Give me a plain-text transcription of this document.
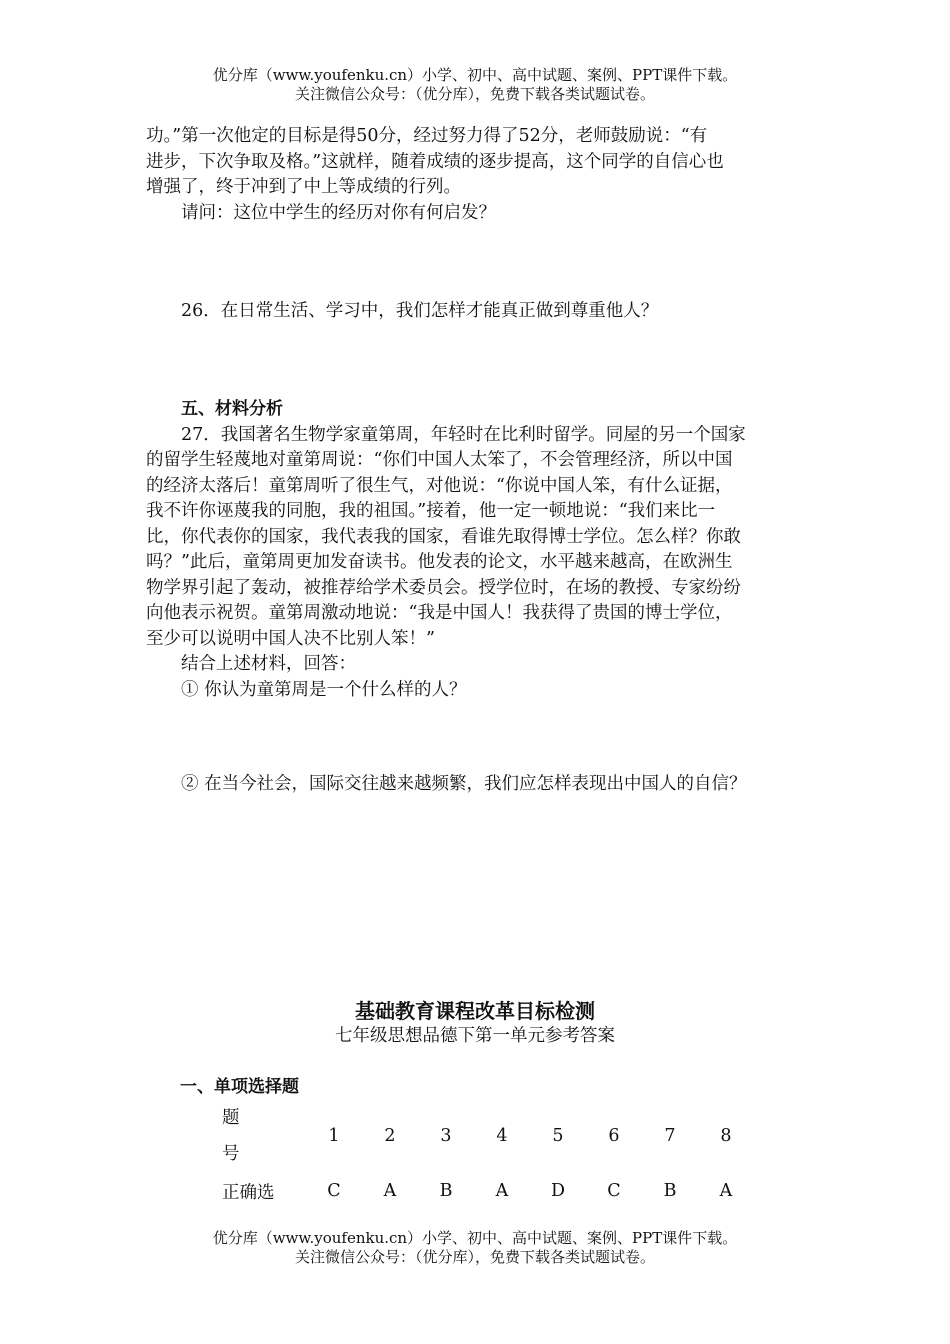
优分库（www.youfenku.cn）小学、初中、高中试题、案例、PPT课件下载。
关注微信公众号：（优分库），免费下载各类试题试卷。
功。”第一次他定的目标是得50分，经过努力得了52分，老师鼓励说：“有
进步，下次争取及格。”这就样，随着成绩的逐步提高，这个同学的自信心也
增强了，终于冲到了中上等成绩的行列。
请问：这位中学生的经历对你有何启发？
26．在日常生活、学习中，我们怎样才能真正做到尊重他人？
五、材料分析
27．我国著名生物学家童第周，年轻时在比利时留学。同屋的另一个国家
的留学生轻蔑地对童第周说：“你们中国人太笨了，不会管理经济，所以中国
的经济太落后！童第周听了很生气，对他说：“你说中国人笨，有什么证据，
我不许你诬蔑我的同胞，我的祖国。”接着，他一定一顿地说：“我们来比一
比，你代表你的国家，我代表我的国家，看谁先取得博士学位。怎么样？你敢
吗？”此后，童第周更加发奋读书。他发表的论文，水平越来越高，在欧洲生
物学界引起了轰动，被推荐给学术委员会。授学位时，在场的教授、专家纷纷
向他表示祝贺。童第周激动地说：“我是中国人！我获得了贵国的博士学位，
至少可以说明中国人决不比别人笨！”
结合上述材料，回答：
① 你认为童第周是一个什么样的人？
② 在当今社会，国际交往越来越频繁，我们应怎样表现出中国人的自信？
基础教育课程改革目标检测
七年级思想品德下第一单元参考答案
一、单项选择题
题
号	1	2	3	4	5	6	7	8
正确选	C	A	B	A	D	C	B	A
优分库（www.youfenku.cn）小学、初中、高中试题、案例、PPT课件下载。
关注微信公众号：（优分库），免费下载各类试题试卷。
